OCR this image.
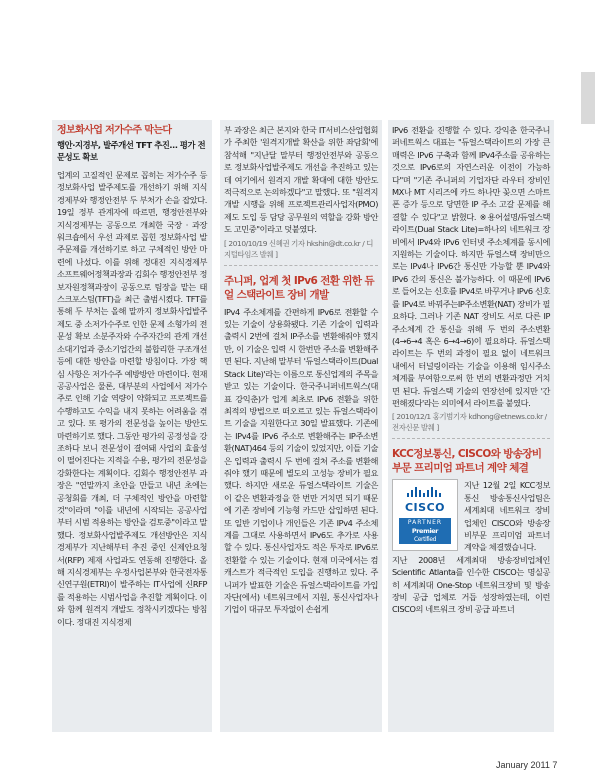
정보화사업 저가수주 막는다

행안·지경부, 발주개선 TFT 추진… 평가 전문성도 확보

업계의 고질적인 문제로 꼽히는 저가수주 등 정보화사업 발주제도를 개선하기 위해 지식경제부와 행정안전부 두 부처가 손을 잡았다. 19일 정부 관계자에 따르면, 행정안전부와 지식경제부는 공동으로 개최한 국장 · 과장 워크숍에서 우선 과제로 꼽힌 정보화사업 발주문제를 개선하기로 하고 구체적인 방안 마련에 나섰다. 이를 위해 정대진 지식경제부 소프트웨어정책과장과 김회수 행정안전부 정보자원정책과장이 공동으로 팀장을 맡는 태스크포스팀(TFT)을 최근 출범시켰다. TFT를 통해 두 부처는 올해 말까지 정보화사업발주제도 중 소저가수주로 인한 문제 소형가의 전문성 확보 소분주자와 수주자간의 관계 개선 소대기업과 중소기업간의 불합리한 구조개선 등에 대한 방안을 마련할 방침이다. 가장 핵심 사항은 저가수주 예방방안 마련이다. 현재 공공사업은 물론, 대부분의 사업에서 저가수주로 인해 기술 역량이 약화되고 프로젝트를 수행하고도 수익을 내지 못하는 어려움을 겪고 있다. 또 평가의 전문성을 높이는 방안도 마련하기로 했다. 그동안 평가의 공정성을 강조하다 보니 전문성이 결여돼 사업의 효율성이 떨어진다는 지적을 수용, 평가의 전문성을 강화한다는 계획이다. 김회수 행정안전부 과장은 "연말까지 초안을 만들고 내년 초에는 공청회를 개최, 더 구체적인 방안을 마련할 것"이라며 "이를 내년에 시작되는 공공사업부터 시범 적용하는 방안을 검토중"이라고 말했다. 정보화사업발주제도 개선방안은 지식경제부가 지난해부터 추진 중인 신제안요청서(RFP) 제재 사업과도 연동해 진행한다. 올해 지식경제부는 우정사업본부와 한국전자통신연구원(ETRI)이 발주하는 IT사업에 신RFP를 적용하는 시범사업을 추진할 계획이다. 이와 함께 원격지 개발도 정착시키겠다는 방침이다. 정대진 지식경제

부 과장은 최근 본지와 한국 IT서비스산업협회가 주최한 '원격지개발 확산을 위한 좌담회'에 참석해 "지난달 말부터 행정안전부와 공동으로 정보화사업발주제도 개선을 추진하고 있는데 여기에서 원격지 개발 확대에 대한 방안도 적극적으로 논의하겠다"고 말했다. 또 "원격지 개발 시행을 위해 프로젝트관리사업자(PMO) 제도 도입 등 담당 공무원의 역할을 강화 방안도 고민중"이라고 덧붙였다.

[ 2010/10/19 신혜권 기자 hkshin@dt.co.kr / 디지털타임즈 발췌 ]

주니퍼, 업계 첫 IPv6 전환 위한 듀얼 스택라이트 장비 개발

IPv4 주소체계를 간편하게 IPv6로 전환할 수 있는 기술이 상용화됐다. 기존 기술이 입력과 출력시 2번에 걸쳐 IP주소를 변환해줘야 했지만, 이 기술은 입력 시 한번만 주소를 변환해주면 된다. 지난해 말부터 '듀얼스택라이트(Dual Stack Lite)'라는 이름으로 통신업계의 주목을 받고 있는 기술이다. 한국주니퍼네트웍스(대표 강익춘)가 업계 최초로 IPv6 전환을 위한 최적의 방법으로 떠오르고 있는 듀얼스택라이트 기술을 지원한다고 30일 발표했다. 기존에는 IPv4를 IPv6 주소로 변환해주는 IP주소변환(NAT)464 등의 기술이 있었지만, 이들 기술은 입력과 출력시 두 번에 걸쳐 주소를 변환해줘야 했기 때문에 별도의 고성능 장비가 필요했다. 하지만 새로운 듀얼스택라이트 기술은 이 같은 변환과정을 한 번만 거치면 되기 때문에 기존 장비에 기능형 카드만 삽입하면 된다. 또 일반 기업이나 개인들은 기존 IPv4 주소체계를 그대로 사용하면서 IPv6도 추가로 사용할 수 있다. 통신사업자도 적은 투자로 IPv6로 전환할 수 있는 기술이다. 현재 미국에서는 컴캐스트가 적극적인 도입을 진행하고 있다. 주니퍼가 발표한 기술은 듀얼스택라이트를 가입자단(에서) 네트워크에서 지원, 통신사업자나 기업이 대규모 투자없이 손쉽게

IPv6 전환을 진행할 수 있다. 강익춘 한국주니퍼네트웍스 대표는 "듀얼스택라이트의 가장 큰 매력은 IPv6 구축과 함께 IPv4주소를 공유하는 것으로 IPv6로의 자연스러운 이전이 가능하다"며 "기존 주니퍼의 기업자단 라우터 장비인 MX나 MT 시리즈에 카드 하나만 꽂으면 스마트폰 증가 등으로 당면한 IP 주소 고갈 문제를 해결할 수 있다"고 밝혔다. ※용어설명/듀얼스택라이트(Dual Stack Lite)=하나의 네트워크 장비에서 IPv4와 IPv6 인터넷 주소체계를 동시에 지원하는 기술이다. 하지만 듀얼스택 장비만으로는 IPv4나 IPv6간 통신만 가능할 뿐 IPv4와 IPv6 간의 통신은 불가능하다. 이 때문에 IPv6로 들어오는 신호를 IPv4로 바꾸거나 IPv6 신호를 IPv4로 바꿔주는IP주소변환(NAT) 장비가 필요하다. 그러나 기존 NAT 장비도 서로 다른 IP주소체계 간 통신을 위해 두 번의 주소변환(4→6→4 혹은 6→4→6)이 필요하다. 듀얼스택라이트는 두 번의 과정이 필요 없이 네트워크 내에서 터널링이라는 기술을 이용해 임시주소체계를 부여함으로써 한 번의 변환과정만 거치면 된다. 듀얼스택 기술의 연장선에 있지만 '간편해졌다'라는 의미에서 라이트를 붙였다.

[ 2010/12/1 홍기범기자 kdhong@etnews.co.kr / 전자신문 발췌 ]

KCC정보통신, CISCO와 방송장비부문 프리미엄 파트너 계약 체결

CISCO
PARTNER
Premier
Certified

지난 12월 2일 KCC정보통신 방송통신사업팀은 세계최대 네트워크 장비업체인 CISCO와 방송장비부문 프리미엄 파트너 계약을 체결했습니다.

지난 2008년 세계최대 방송장비업체인 Scientific Atlanta를 인수한 CISCO는 명실공히 세계최대 One-Stop 네트워크장비 및 방송장비 공급 업체로 거듭 성장하였는데, 이런 CISCO의 네트워크 장비 공급 파트너

January 2011 7
